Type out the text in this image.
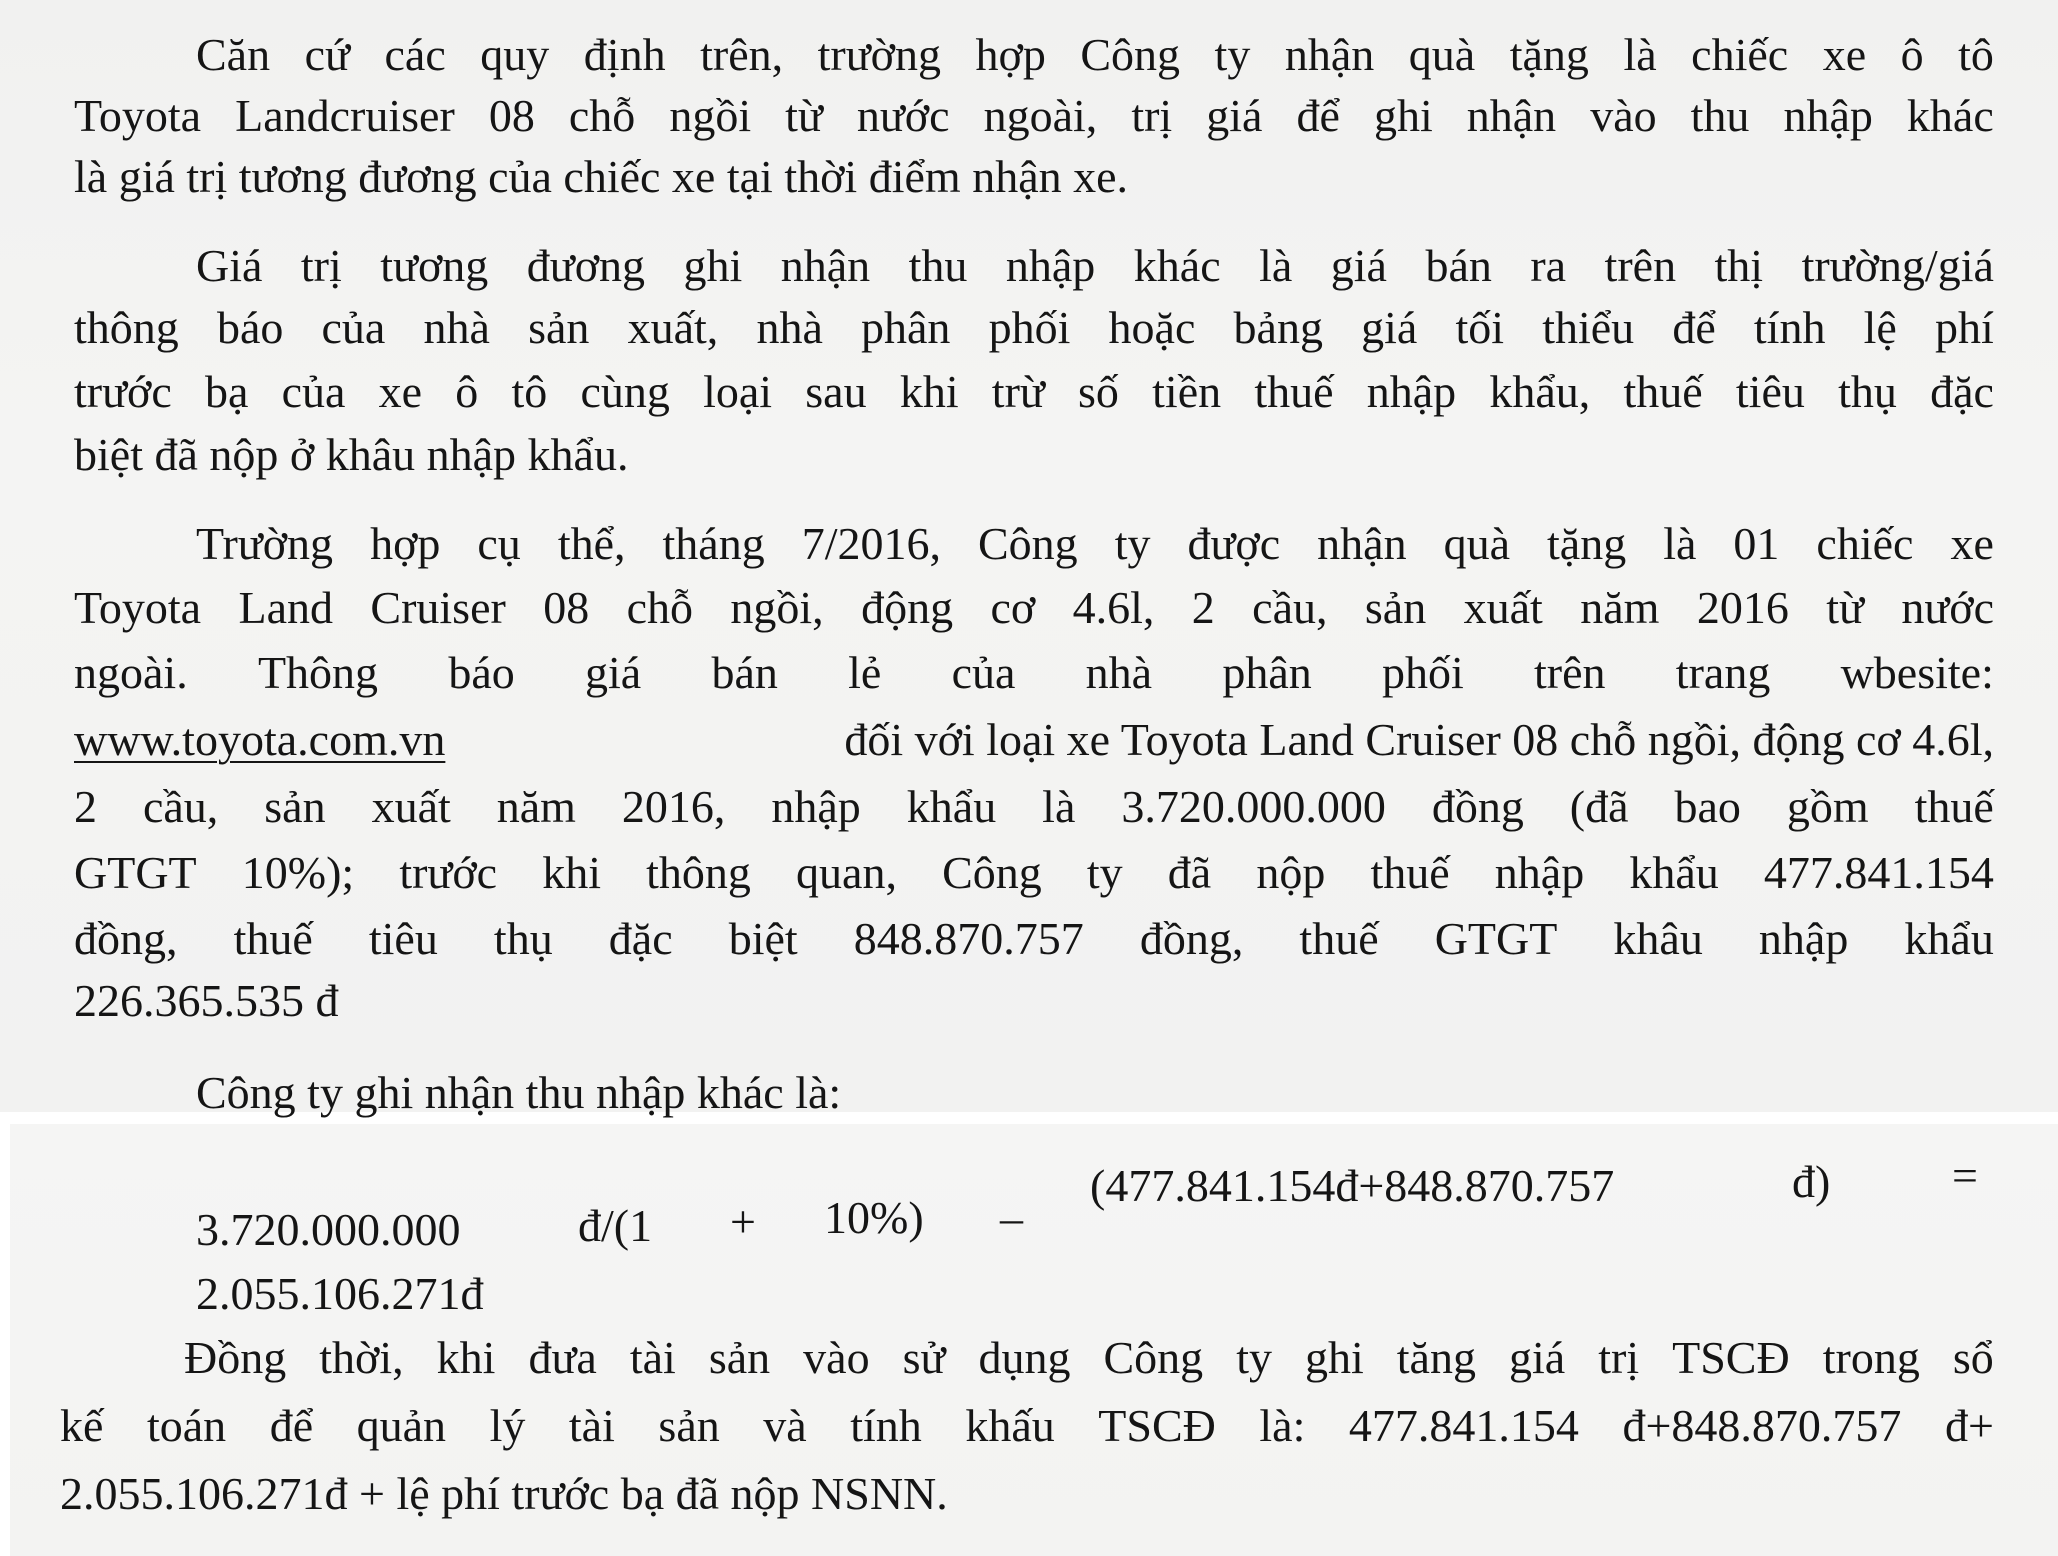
Căn cứ các quy định trên, trường hợp Công ty nhận quà tặng là chiếc xe ô tô
Toyota Landcruiser 08 chỗ ngồi từ nước ngoài, trị giá để ghi nhận vào thu nhập khác
là giá trị tương đương của chiếc xe tại thời điểm nhận xe.
Giá trị tương đương ghi nhận thu nhập khác là giá bán ra trên thị trường/giá
thông báo của nhà sản xuất, nhà phân phối hoặc bảng giá tối thiểu để tính lệ phí
trước bạ của xe ô tô cùng loại sau khi trừ số tiền thuế nhập khẩu, thuế tiêu thụ đặc
biệt đã nộp ở khâu nhập khẩu.
Trường hợp cụ thể, tháng 7/2016, Công ty được nhận quà tặng là 01 chiếc xe
Toyota Land Cruiser 08 chỗ ngồi, động cơ 4.6l, 2 cầu, sản xuất năm 2016 từ nước
ngoài. Thông báo giá bán lẻ của nhà phân phối trên trang wbesite:
www.toyota.com.vn	đối với loại xe Toyota Land Cruiser 08 chỗ ngồi, động cơ 4.6l,
2 cầu, sản xuất năm 2016, nhập khẩu là 3.720.000.000 đồng (đã bao gồm thuế
GTGT 10%); trước khi thông quan, Công ty đã nộp thuế nhập khẩu 477.841.154
đồng, thuế tiêu thụ đặc biệt 848.870.757 đồng, thuế GTGT khâu nhập khẩu
226.365.535 đ
Công ty ghi nhận thu nhập khác là:
3.720.000.000	đ/(1 + 10%) –
(477.841.154đ+848.870.757	đ)	=
2.055.106.271đ
Đồng thời, khi đưa tài sản vào sử dụng Công ty ghi tăng giá trị TSCĐ trong sổ
kế toán để quản lý tài sản và tính khấu TSCĐ là: 477.841.154 đ+848.870.757 đ+
2.055.106.271đ + lệ phí trước bạ đã nộp NSNN.
